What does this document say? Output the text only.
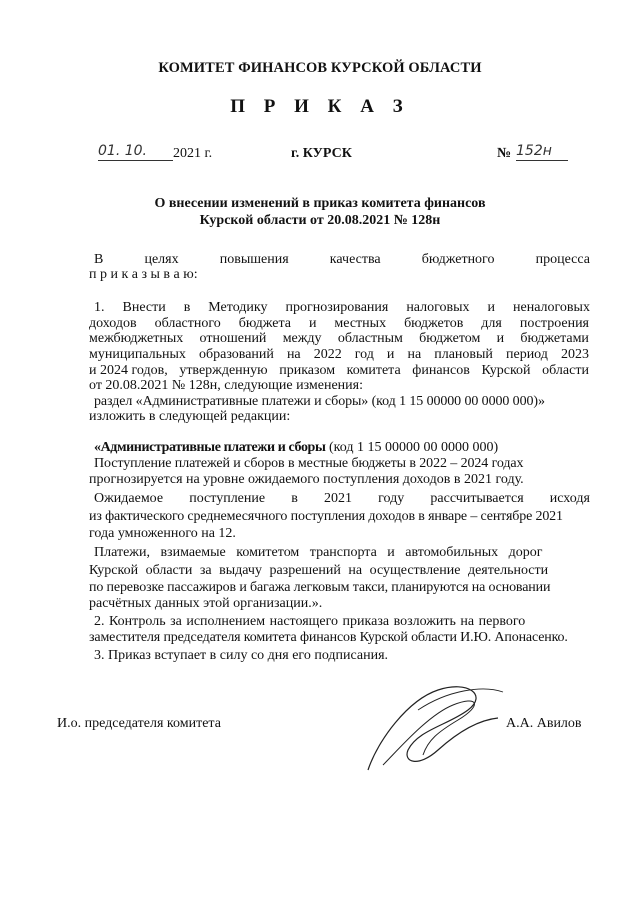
КОМИТЕТ ФИНАНСОВ КУРСКОЙ ОБЛАСТИ
П Р И К А З
01. 10.	2021 г.	г. КУРСК	№ 152н
О внесении изменений в приказ комитета финансов
Курской области от 20.08.2021 № 128н
В	целях	повышения	качества	бюджетного	процесса
п р и к а з ы в а ю:
1. Внести в Методику прогнозирования налоговых и неналоговых
доходов областного бюджета и местных бюджетов для построения
межбюджетных отношений между областным бюджетом и бюджетами
муниципальных образований на 2022 год и на плановый период 2023
и 2024 годов, утвержденную приказом комитета финансов Курской области
от 20.08.2021 № 128н, следующие изменения:
раздел «Административные платежи и сборы» (код 1 15 00000 00 0000 000)»
изложить в следующей редакции:
«Административные платежи и сборы (код 1 15 00000 00 0000 000)
Поступление платежей и сборов в местные бюджеты в 2022 – 2024 годах
прогнозируется на уровне ожидаемого поступления доходов в 2021 году.
Ожидаемое поступление в 2021 году рассчитывается исходя
из фактического среднемесячного поступления доходов в январе – сентябре 2021
года умноженного на 12.
Платежи, взимаемые комитетом транспорта и автомобильных дорог
Курской области за выдачу разрешений на осуществление деятельности
по перевозке пассажиров и багажа легковым такси, планируются на основании
расчётных данных этой организации.».
2. Контроль за исполнением настоящего приказа возложить на первого
заместителя председателя комитета финансов Курской области И.Ю. Апонасенко.
3. Приказ вступает в силу со дня его подписания.
И.о. председателя комитета	А.А. Авилов
